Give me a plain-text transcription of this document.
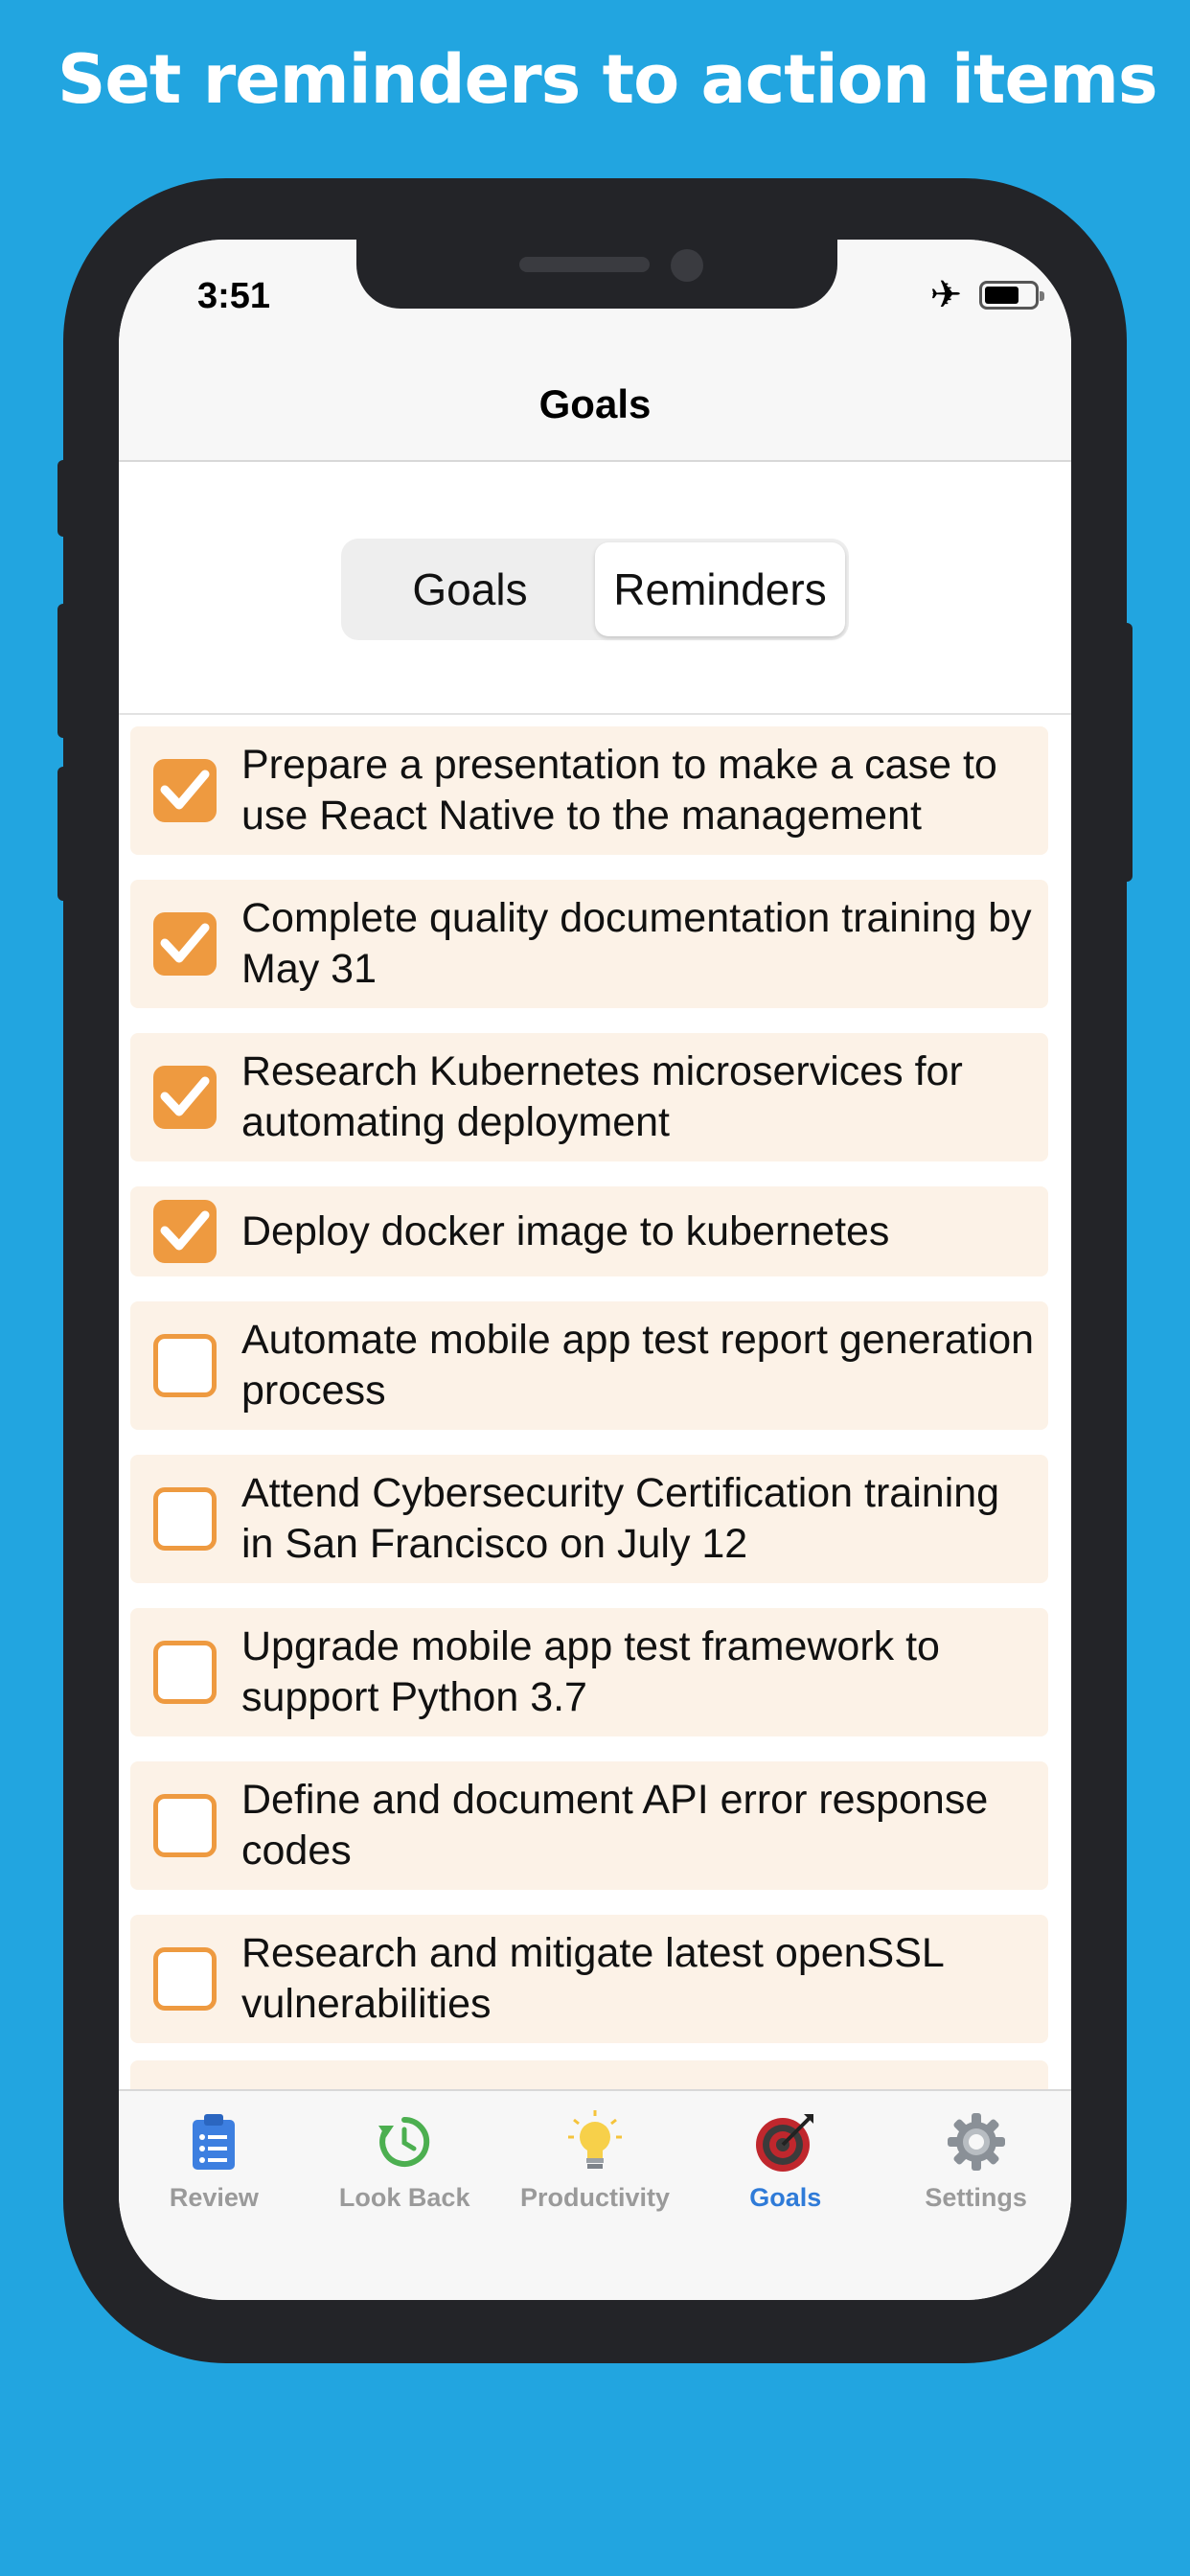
Set reminders to action items
Goals
3:51	✈
Goals	Reminders
Prepare a presentation to make a case to use React Native to the management
Complete quality documentation training by May 31
Research Kubernetes microservices for automating deployment
Deploy docker image to kubernetes
Automate mobile app test report generation process
Attend Cybersecurity Certification training in San Francisco on July 12
Upgrade mobile app test framework to support Python 3.7
Define and document API error response codes
Research and mitigate latest openSSL vulnerabilities
Review	Look Back Productivity	Goals	Settings
